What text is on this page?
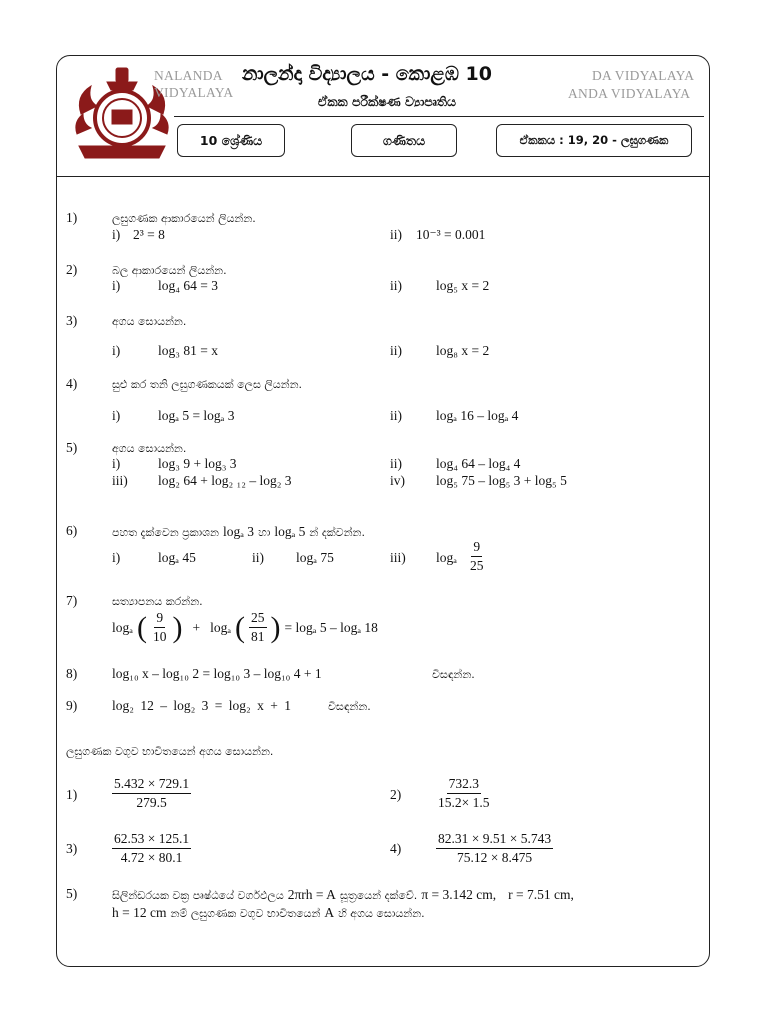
NALANDA
VIDYALAYA
DA VIDYALAYA
ANDA VIDYALAYA
නාලන්දා විද්‍යාලය - කොළඹ 10
ඒකක පරීක්ෂණ ව්‍යාපෘතිය
10 ශ්‍රේණිය	ගණිතය	ඒකකය : 19, 20 - ලඝුගණක
1)	ලඝුගණක ආකාරයෙන් ලියන්න.
i) 2³ = 8	ii) 10⁻³ = 0.001
2)	බල ආකාරයෙන් ලියන්න.
i)	log₄ 64 = 3	ii)	log₅ x = 2
3)	අගය සොයන්න.
i)	log₃ 81 = x	ii)	log₈ x = 2
4)	සුළු කර තනි ලඝුගණකයක් ලෙස ලියන්න.
i)	logₐ 5 = logₐ 3	ii)	logₐ 16 – logₐ 4
5)	අගය සොයන්න.
i)	log₃ 9 + log₃ 3	ii)	log₄ 64 – log₄ 4
iii) log₂ 64 + log₂ ₁₂ – log₂ 3	iv) log₅ 75 – log₅ 3 + log₅ 5
6)	පහත දැක්වෙන ප්‍රකාශන logₐ 3 හා logₐ 5 න් දක්වන්න.
i)	logₐ 45	ii) logₐ 75	iii) logₐ $\frac{9}{25}$
7)	සත්‍යාපනය කරන්න.
logₐ ( $\frac{9}{10}$ ) + logₐ ( $\frac{25}{81}$ ) = logₐ 5 – logₐ 18
8)	log₁₀ x – log₁₀ 2 = log₁₀ 3 – log₁₀ 4 + 1	විසඳන්න.
9)	log₂ 12 – log₂ 3 = log₂ x + 1	විසඳන්න.
ලඝුගණක වගුව භාවිතයෙන් අගය සොයන්න.
1)	$\frac{5.432 \times 729.1}{279.5}$	2)	$\frac{732.3}{15.2\times 1.5}$
3)	$\frac{62.53 \times 125.1}{4.72 \times 80.1}$	4)	$\frac{82.31 \times 9.51 \times 5.743}{75.12 \times 8.475}$
5)	සිලින්ඩරයක වක්‍ර පෘෂ්ඨයේ වර්ගඵලය 2πrh = A සූත්‍රයෙන් දක්වේ. π = 3.142 cm, r = 7.51 cm,
h = 12 cm නම් ලඝුගණක වගුව භාවිතයෙන් A හි අගය සොයන්න.
